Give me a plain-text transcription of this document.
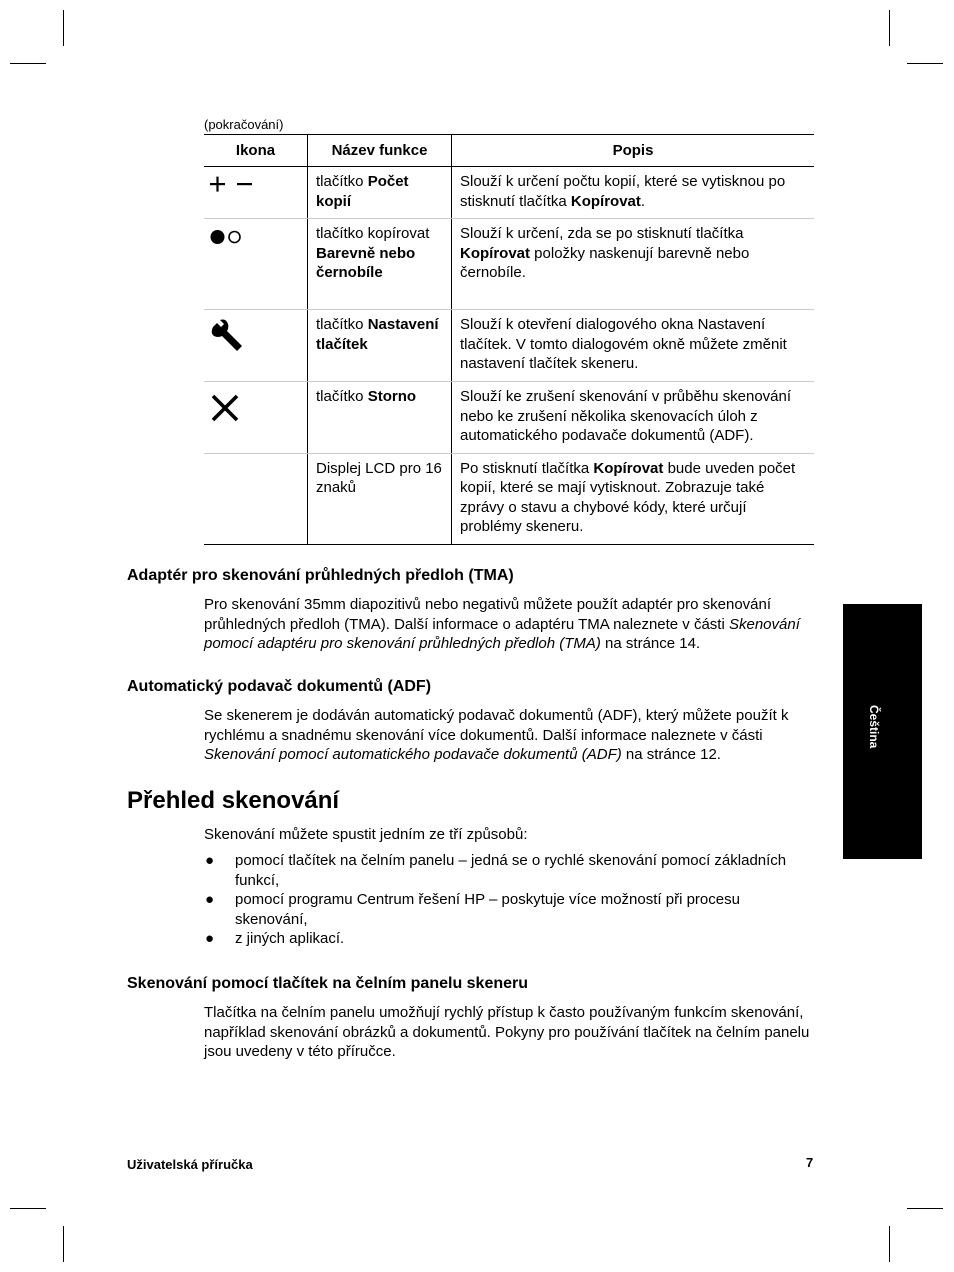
(pokračování)
Ikona	Název funkce	Popis
	tlačítko Počet kopií	Slouží k určení počtu kopií, které se vytisknou po stisknutí tlačítka Kopírovat.
	tlačítko kopírovat Barevně nebo černobíle	Slouží k určení, zda se po stisknutí tlačítka Kopírovat položky naskenují barevně nebo černobíle.
	tlačítko Nastavení tlačítek	Slouží k otevření dialogového okna Nastavení tlačítek. V tomto dialogovém okně můžete změnit nastavení tlačítek skeneru.
	tlačítko Storno	Slouží ke zrušení skenování v průběhu skenování nebo ke zrušení několika skenovacích úloh z automatického podavače dokumentů (ADF).
	Displej LCD pro 16 znaků	Po stisknutí tlačítka Kopírovat bude uveden počet kopií, které se mají vytisknout. Zobrazuje také zprávy o stavu a chybové kódy, které určují problémy skeneru.
Adaptér pro skenování průhledných předloh (TMA)
Pro skenování 35mm diapozitivů nebo negativů můžete použít adaptér pro skenování průhledných předloh (TMA). Další informace o adaptéru TMA naleznete v části Skenování pomocí adaptéru pro skenování průhledných předloh (TMA) na stránce 14.
Automatický podavač dokumentů (ADF)
Se skenerem je dodáván automatický podavač dokumentů (ADF), který můžete použít k rychlému a snadnému skenování více dokumentů. Další informace naleznete v části Skenování pomocí automatického podavače dokumentů (ADF) na stránce 12.
Přehled skenování
Skenování můžete spustit jedním ze tří způsobů:
● pomocí tlačítek na čelním panelu – jedná se o rychlé skenování pomocí základních funkcí,
● pomocí programu Centrum řešení HP – poskytuje více možností při procesu skenování,
● z jiných aplikací.
Skenování pomocí tlačítek na čelním panelu skeneru
Tlačítka na čelním panelu umožňují rychlý přístup k často používaným funkcím skenování, například skenování obrázků a dokumentů. Pokyny pro používání tlačítek na čelním panelu jsou uvedeny v této příručce.
Čeština
Uživatelská příručka	7
